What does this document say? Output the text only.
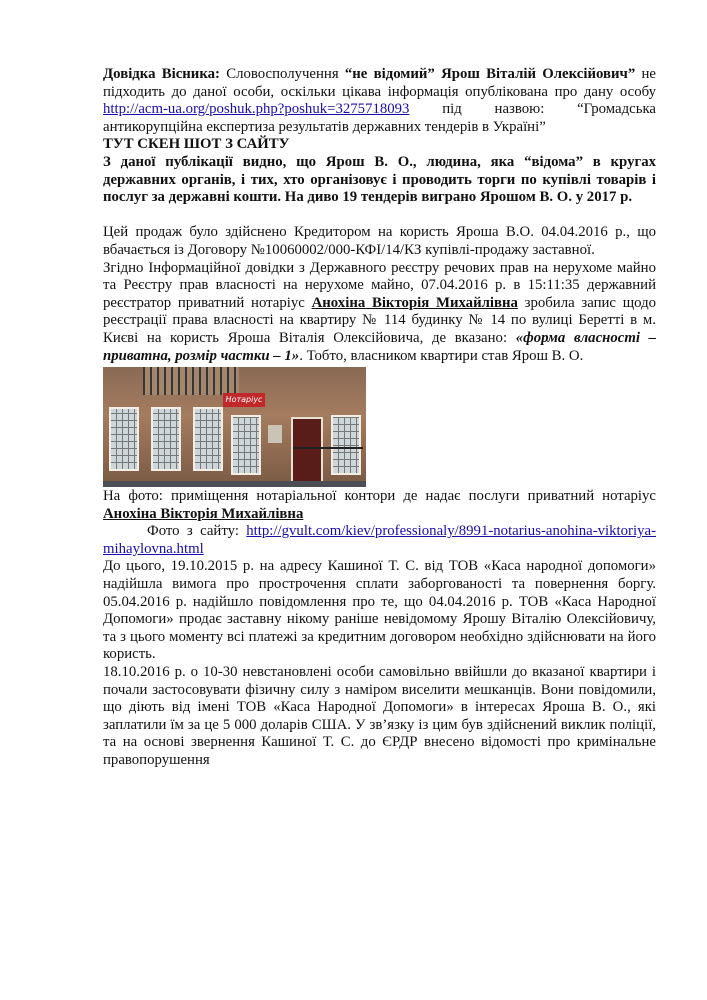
Довідка Вісника: Словосполучення “не відомий” Ярош Віталій Олексійович” не підходить до даної особи, оскільки цікава інформація опублікована про дану особу http://acm-ua.org/poshuk.php?poshuk=3275718093 під назвою: “Громадська антикорупційна експертиза результатів державних тендерів в Україні”

ТУТ СКЕН ШОТ З САЙТУ

З даної публікації видно, що Ярош В. О., людина, яка “відома” в кругах державних органів, і тих, хто організовує і проводить торги по купівлі товарів і послуг за державні кошти. На диво 19 тендерів виграно Ярошом В. О. у 2017 р.

Цей продаж було здійснено Кредитором на користь Яроша В.О. 04.04.2016 р., що вбачається із Договору №10060002/000-КФІ/14/КЗ купівлі-продажу заставної.

Згідно Інформаційної довідки з Державного реєстру речових прав на нерухоме майно та Реєстру прав власності на нерухоме майно, 07.04.2016 р. в 15:11:35 державний реєстратор приватний нотаріус Анохіна Вікторія Михайлівна зробила запис щодо реєстрації права власності на квартиру № 114 будинку № 14 по вулиці Беретті в м. Києві на користь Яроша Віталія Олексійовича, де вказано: «форма власності – приватна, розмір частки – 1». Тобто, власником квартири став Ярош В. О.

Нотаріус

На фото: приміщення нотаріальної контори де надає послуги приватний нотаріус Анохіна Вікторія Михайлівна

Фото з сайту: http://gvult.com/kiev/professionaly/8991-notarius-anohina-viktoriya-mihaylovna.html

До цього, 19.10.2015 р. на адресу Кашиної Т. С. від ТОВ «Каса народної допомоги» надійшла вимога про прострочення сплати заборгованості та повернення боргу. 05.04.2016 р. надійшло повідомлення про те, що 04.04.2016 р. ТОВ «Каса Народної Допомоги» продає заставну нікому раніше невідомому Ярошу Віталію Олексійовичу, та з цього моменту всі платежі за кредитним договором необхідно здійснювати на його користь.

18.10.2016 р. о 10-30 невстановлені особи самовільно ввійшли до вказаної квартири і почали застосовувати фізичну силу з наміром виселити мешканців. Вони повідомили, що діють від імені ТОВ «Каса Народної Допомоги» в інтересах Яроша В. О., які заплатили їм за це 5 000 доларів США. У зв’язку із цим був здійснений виклик поліції, та на основі звернення Кашиної Т. С. до ЄРДР внесено відомості про кримінальне правопорушення
